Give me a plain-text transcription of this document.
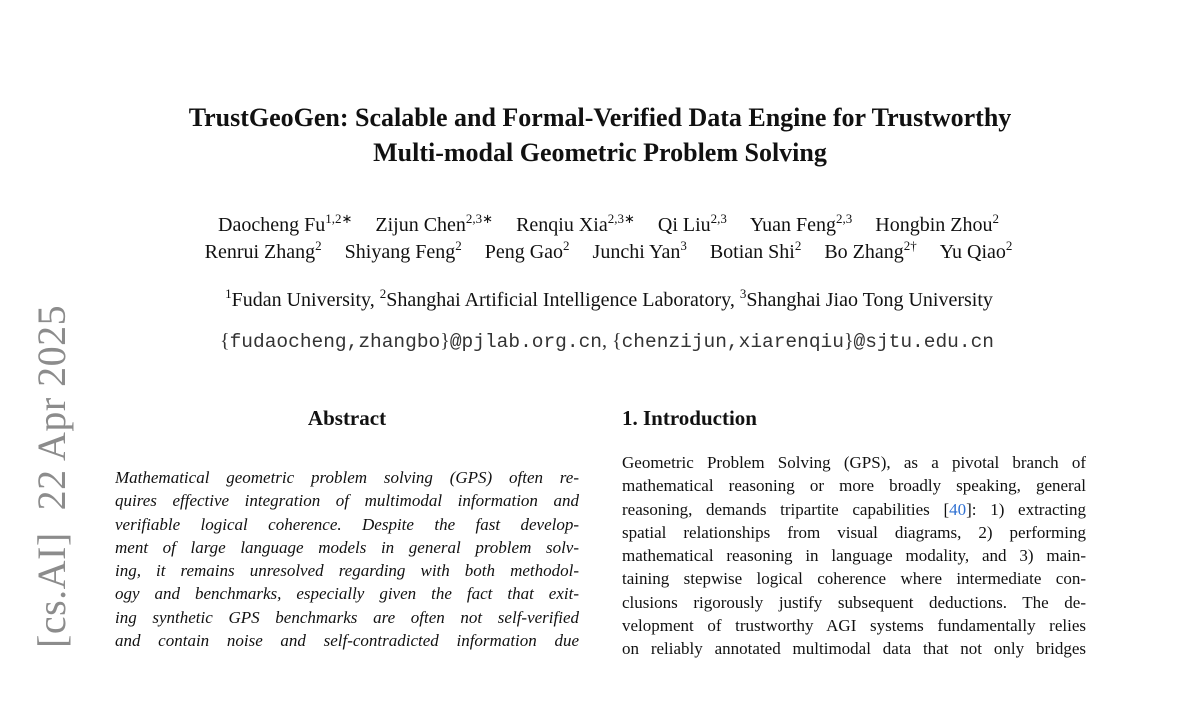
[cs.AI]22 Apr 2025
TrustGeoGen: Scalable and Formal-Verified Data Engine for Trustworthy
Multi-modal Geometric Problem Solving
Daocheng $Fu^{1,2∗}$ Zijun Chen$^{2,3∗}$ Renqiu Xia$^{2,3∗}$ Qi Liu$^{2,3}$ Yuan Feng$^{2,3}$ Hongbin Zhou$^2$
Renrui Zhang$^2$ Shiyang Feng$^2$ Peng Gao$^2$ Junchi Yan$^3$ Botian Shi$^2$ Bo Zhang$^{2\dagger}$ Yu Qiao$^2$
$^1$Fudan University, $^2$Shanghai Artificial Intelligence Laboratory, $^3$Shanghai Jiao Tong University
{fudaocheng,zhangbo}@pjlab.org.cn, {chenzijun,xiarenqiu}@sjtu.edu.cn
Abstract
Mathematical geometric problem solving (GPS) often re-
quires effective integration of multimodal information and
verifiable logical coherence. Despite the fast develop-
ment of large language models in general problem solv-
ing, it remains unresolved regarding with both methodol-
ogy and benchmarks, especially given the fact that exit-
ing synthetic GPS benchmarks are often not self-verified
and contain noise and self-contradicted information due
1. Introduction
Geometric Problem Solving (GPS), as a pivotal branch of
mathematical reasoning or more broadly speaking, general
reasoning, demands tripartite capabilities [40]: 1) extracting
spatial relationships from visual diagrams, 2) performing
mathematical reasoning in language modality, and 3) main-
taining stepwise logical coherence where intermediate con-
clusions rigorously justify subsequent deductions. The de-
velopment of trustworthy AGI systems fundamentally relies
on reliably annotated multimodal data that not only bridges
